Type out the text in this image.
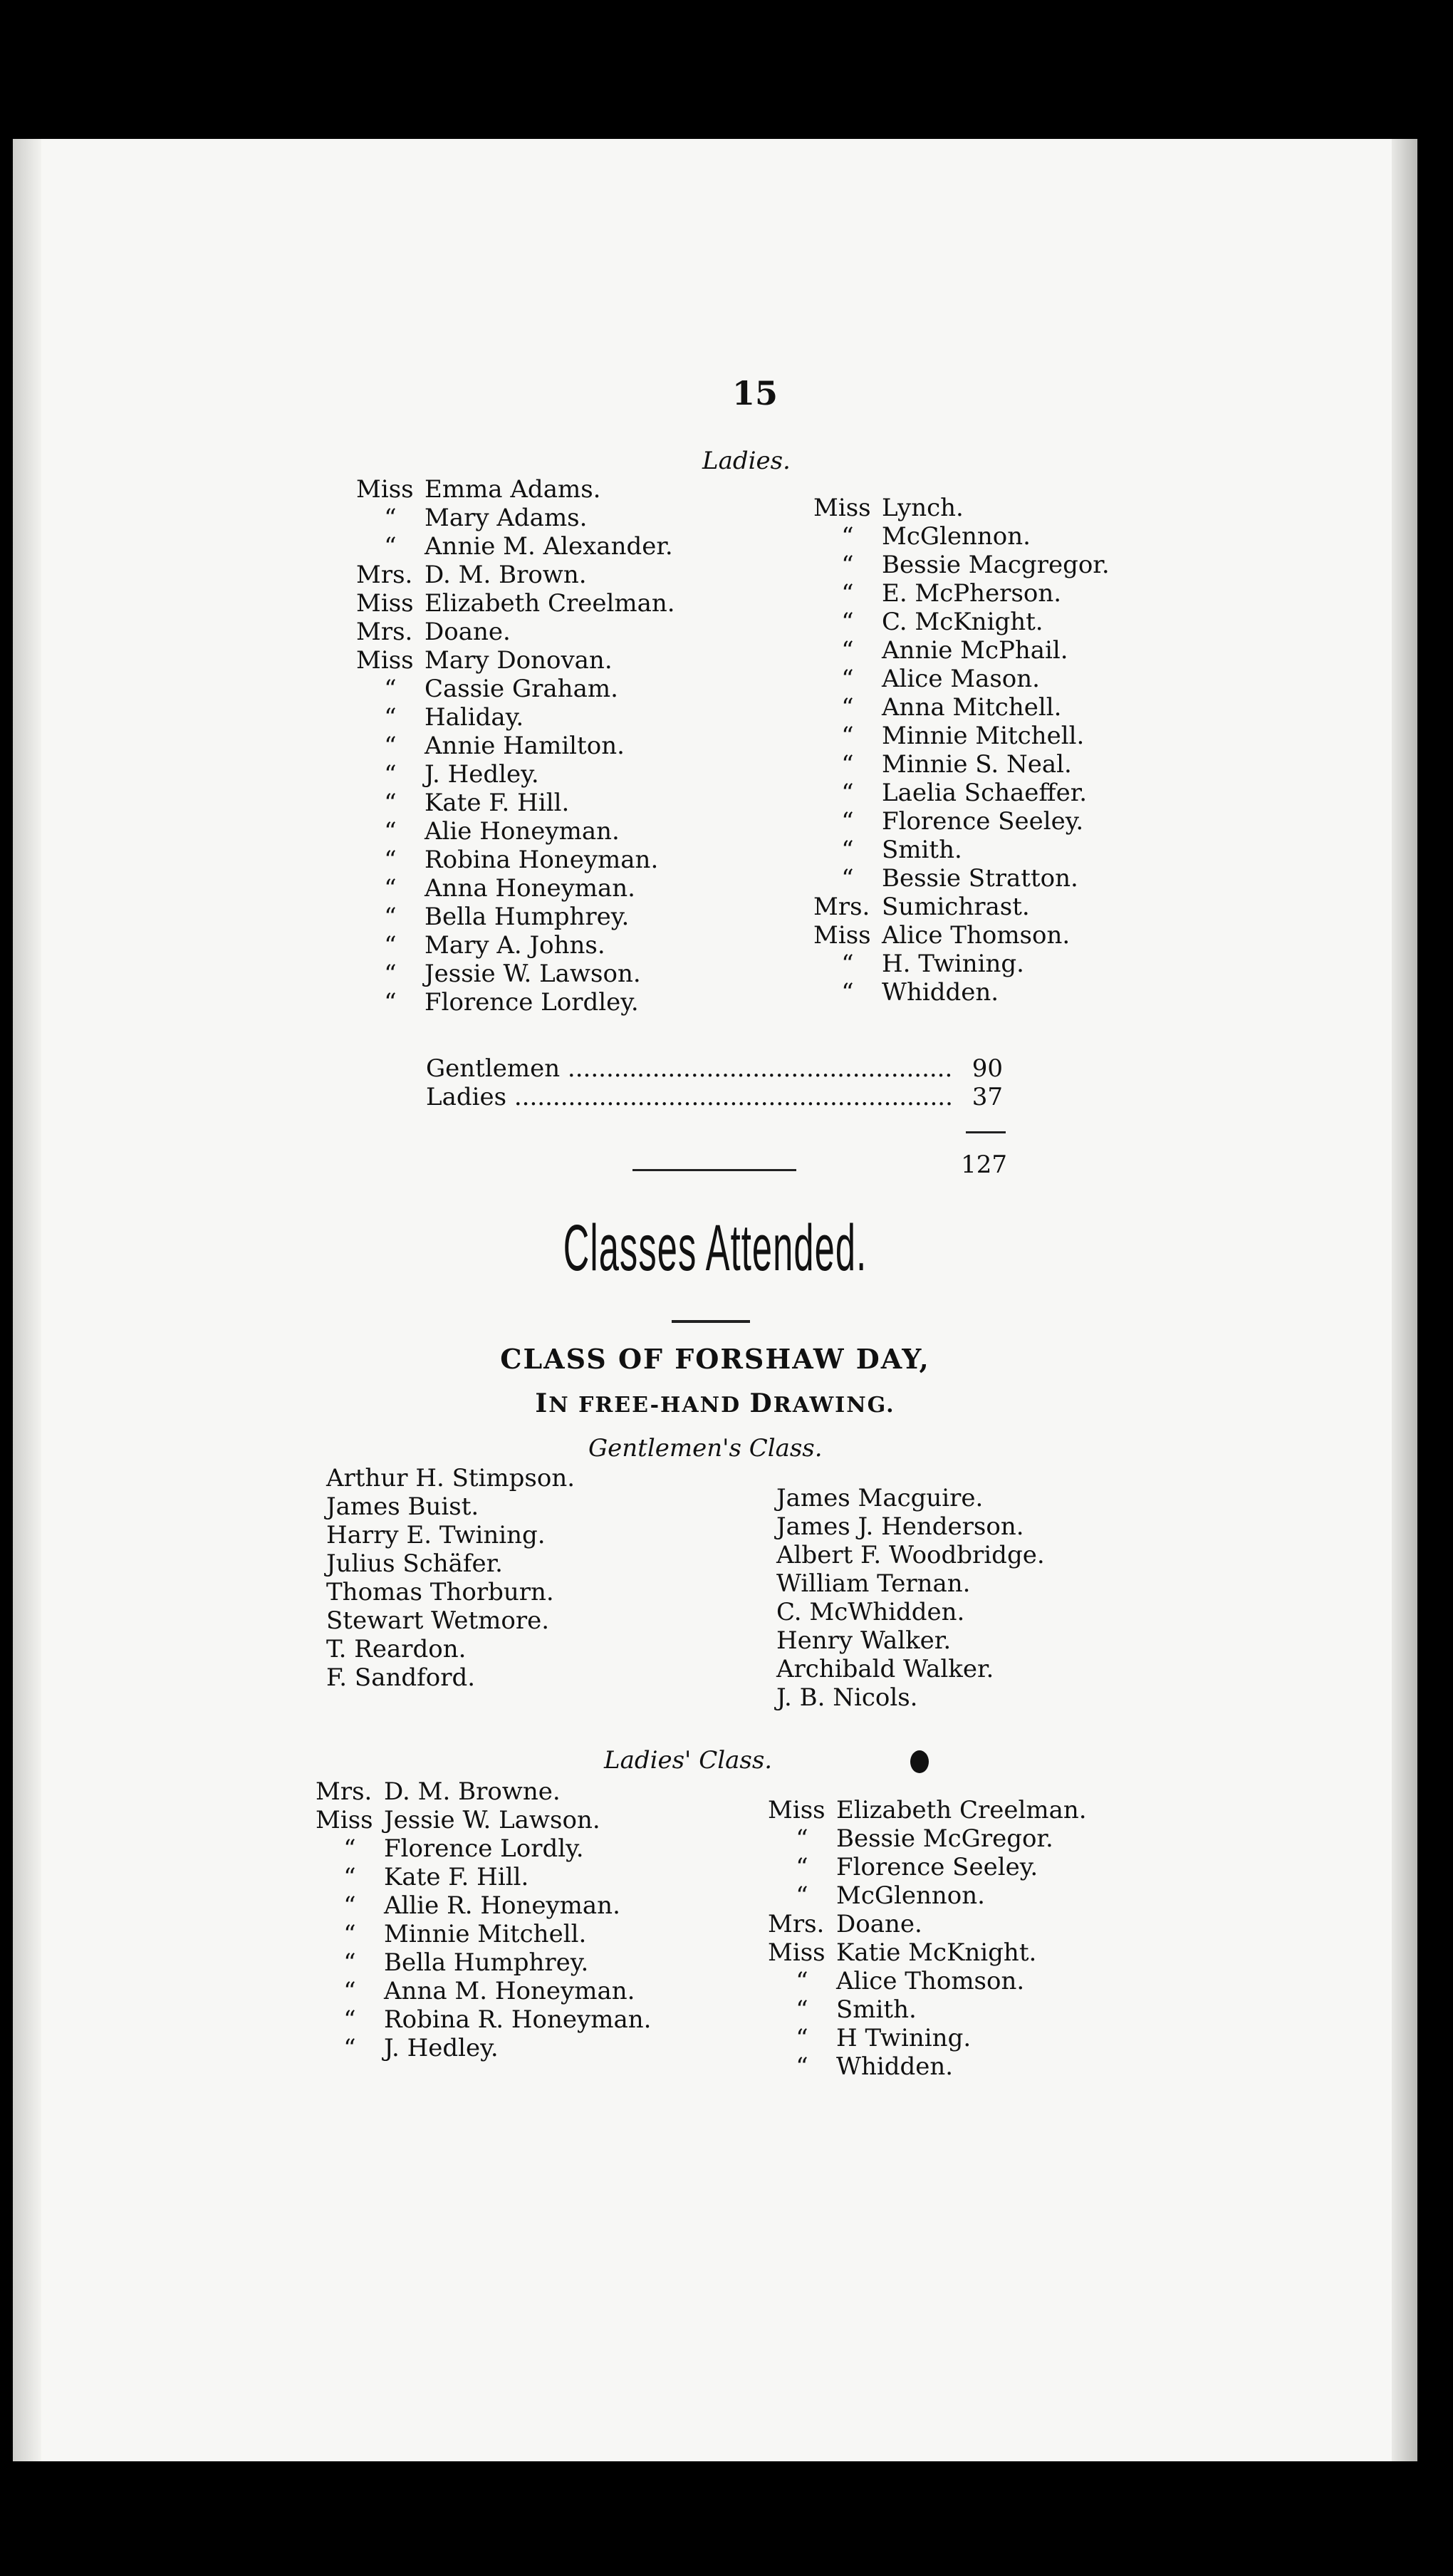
15
Ladies.
Miss Emma Adams.
“ Mary Adams.
“ Annie M. Alexander.
Mrs. D. M. Brown.
Miss Elizabeth Creelman.
Mrs. Doane.
Miss Mary Donovan.
“ Cassie Graham.
“ Haliday.
“ Annie Hamilton.
“ J. Hedley.
“ Kate F. Hill.
“ Alie Honeyman.
“ Robina Honeyman.
“ Anna Honeyman.
“ Bella Humphrey.
“ Mary A. Johns.
“ Jessie W. Lawson.
“ Florence Lordley.
Miss Lynch.
“ McGlennon.
“ Bessie Macgregor.
“ E. McPherson.
“ C. McKnight.
“ Annie McPhail.
“ Alice Mason.
“ Anna Mitchell.
“ Minnie Mitchell.
“ Minnie S. Neal.
“ Laelia Schaeffer.
“ Florence Seeley.
“ Smith.
“ Bessie Stratton.
Mrs. Sumichrast.
Miss Alice Thomson.
“ H. Twining.
“ Whidden.
Gentlemen .....	90
Ladies .....	37
127
Classes Attended.
CLASS OF FORSHAW DAY,
IN FREE-HAND DRAWING.
Gentlemen's Class.
Arthur H. Stimpson.
James Buist.
Harry E. Twining.
Julius Schäfer.
Thomas Thorburn.
Stewart Wetmore.
T. Reardon.
F. Sandford.
James Macguire.
James J. Henderson.
Albert F. Woodbridge.
William Ternan.
C. McWhidden.
Henry Walker.
Archibald Walker.
J. B. Nicols.
Ladies' Class.
Mrs. D. M. Browne.
Miss Jessie W. Lawson.
“ Florence Lordly.
“ Kate F. Hill.
“ Allie R. Honeyman.
“ Minnie Mitchell.
“ Bella Humphrey.
“ Anna M. Honeyman.
“ Robina R. Honeyman.
“ J. Hedley.
Miss Elizabeth Creelman.
“ Bessie McGregor.
“ Florence Seeley.
“ McGlennon.
Mrs. Doane.
Miss Katie McKnight.
“ Alice Thomson.
“ Smith.
“ H Twining.
“ Whidden.
